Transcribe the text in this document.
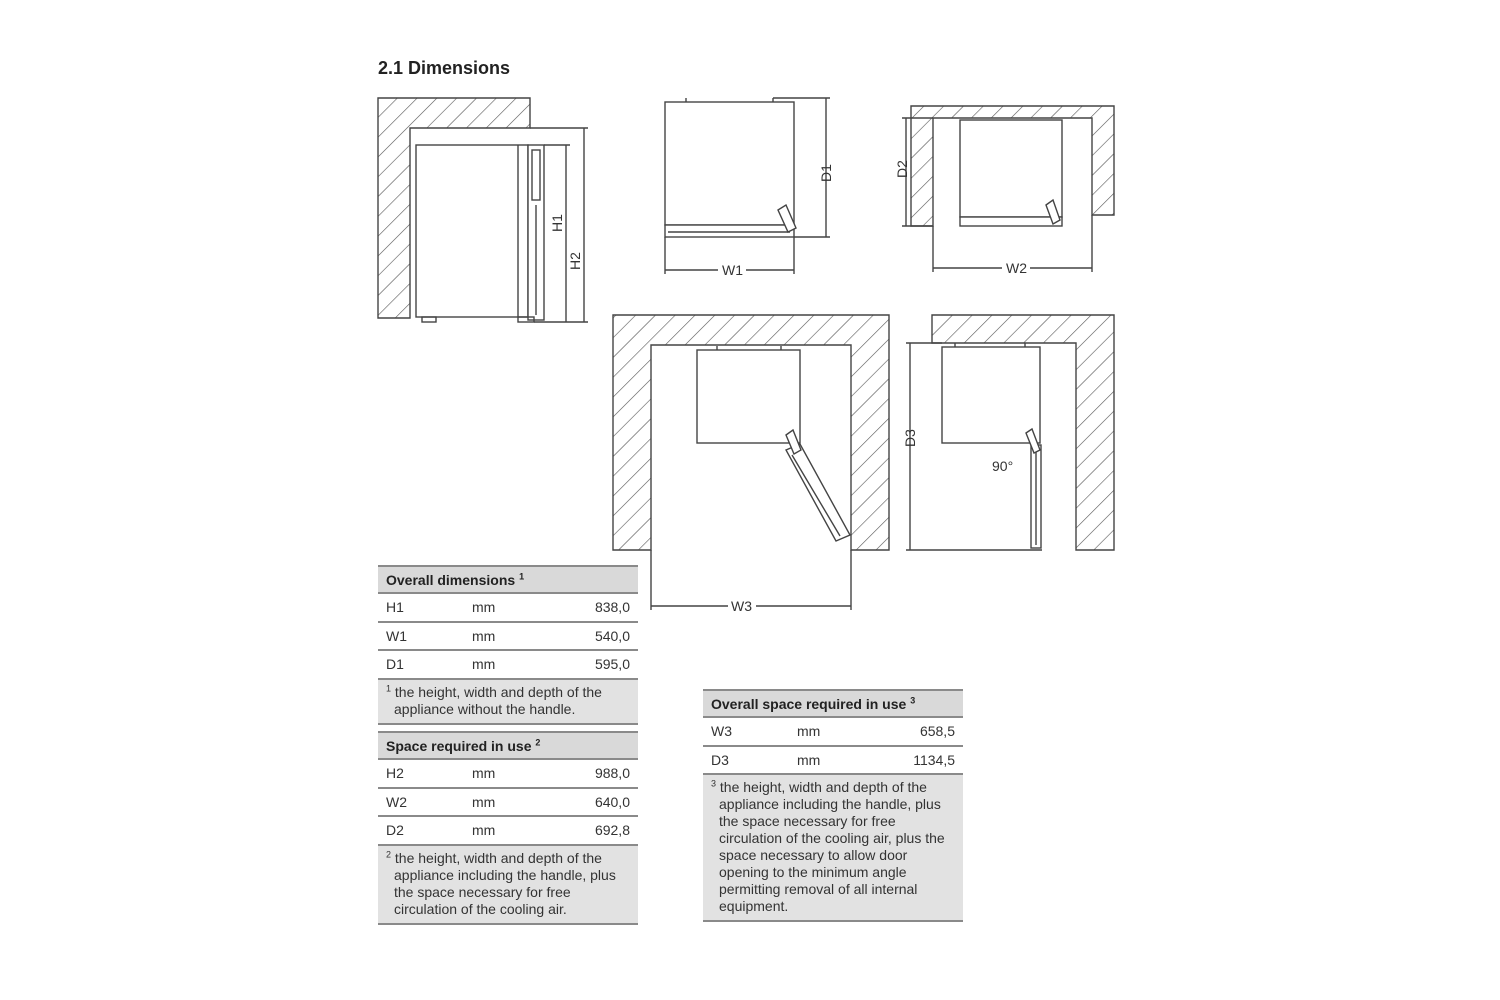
2.1 Dimensions
H1
H2
D1
W1
D2
W2
W3
D3
90°
Overall dimensions $^1$
H1	mm	838,0
W1	mm	540,0
D1	mm	595,0
$^1$ the height, width and depth of the appliance without the handle.		
Space required in use $^2$
H2	mm	988,0
W2	mm	640,0
D2	mm	692,8
$^2$ the height, width and depth of the appliance including the handle, plus the space necessary for free circulation of the cooling air.		
Overall space required in use $^3$
W3	mm	658,5
D3	mm	1134,5
$^3$ the height, width and depth of the appliance including the handle, plus the space necessary for free circulation of the cooling air, plus the space necessary to allow door opening to the minimum angle permitting removal of all internal equipment.		
